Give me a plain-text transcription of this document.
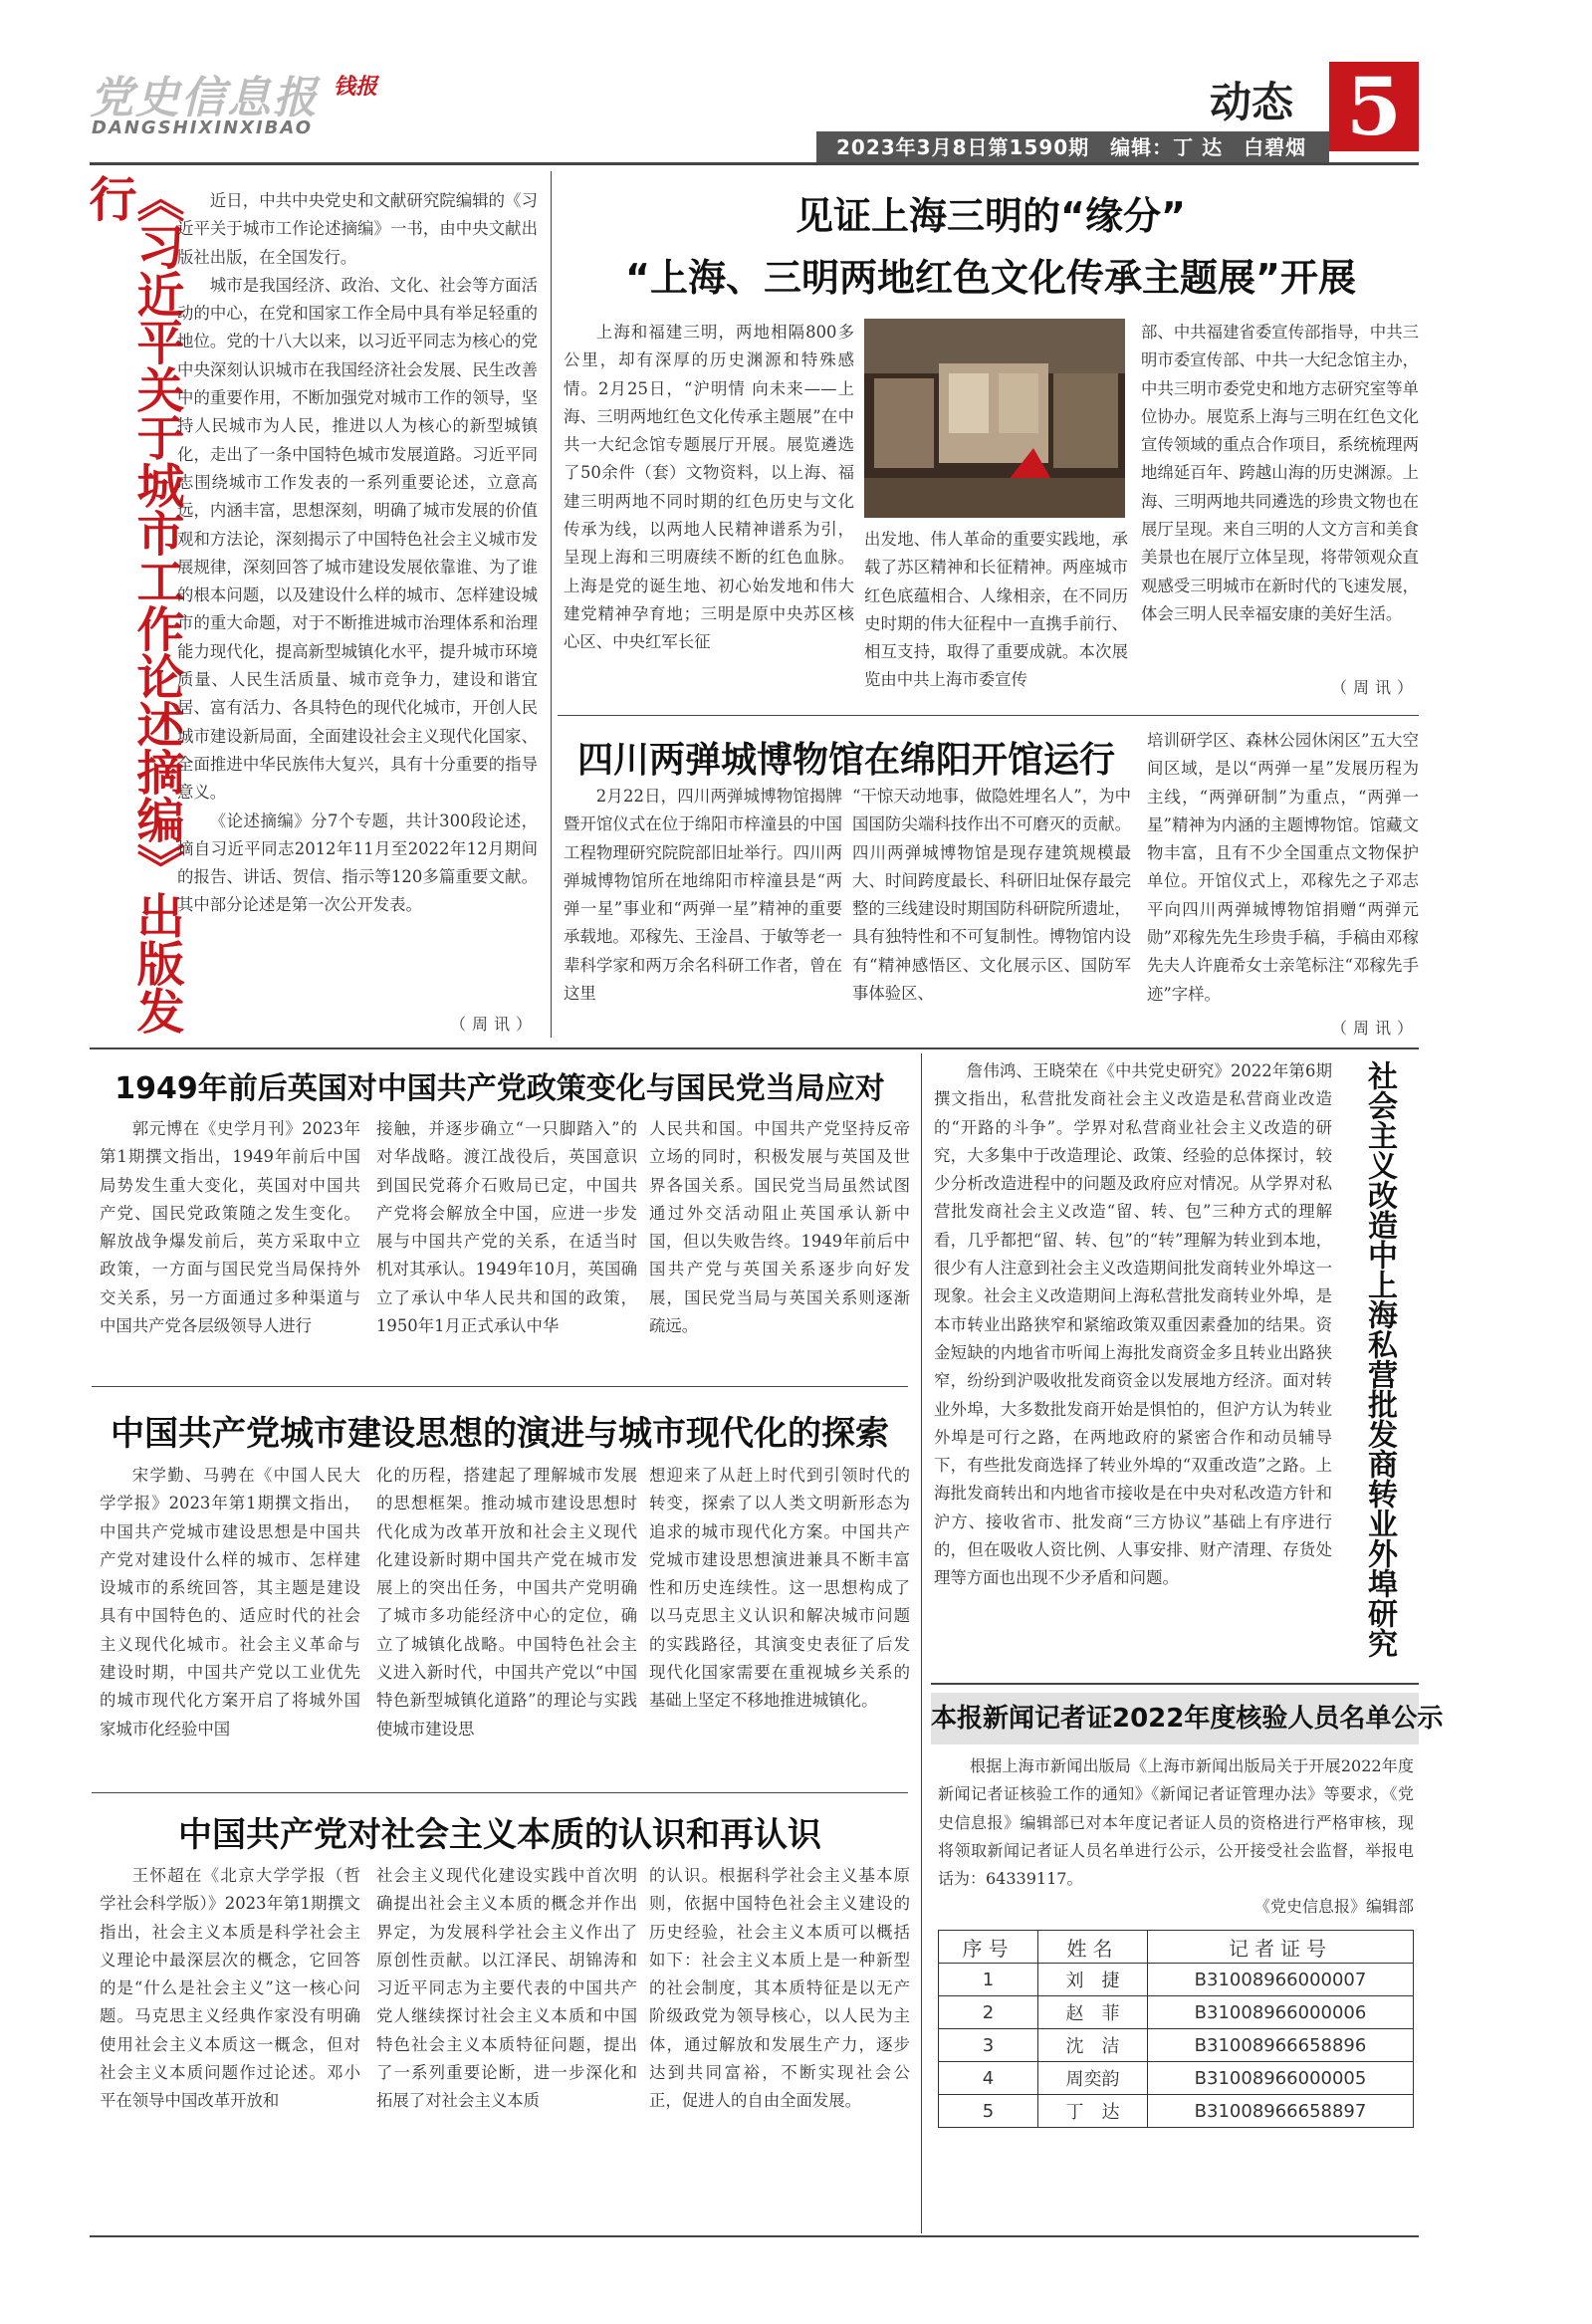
党史信息报 钱报
DANGSHIXINXIBAO
动态 5
2023年3月8日第1590期　编辑：丁 达　白碧烟
《习近平关于城市工作论述摘编》出版发行	近日，中共中央党史和文献研究院编辑的《习近平关于城市工作论述摘编》一书，由中央文献出版社出版，在全国发行。

城市是我国经济、政治、文化、社会等方面活动的中心，在党和国家工作全局中具有举足轻重的地位。党的十八大以来，以习近平同志为核心的党中央深刻认识城市在我国经济社会发展、民生改善中的重要作用，不断加强党对城市工作的领导，坚持人民城市为人民，推进以人为核心的新型城镇化，走出了一条中国特色城市发展道路。习近平同志围绕城市工作发表的一系列重要论述，立意高远，内涵丰富，思想深刻，明确了城市发展的价值观和方法论，深刻揭示了中国特色社会主义城市发展规律，深刻回答了城市建设发展依靠谁、为了谁的根本问题，以及建设什么样的城市、怎样建设城市的重大命题，对于不断推进城市治理体系和治理能力现代化，提高新型城镇化水平，提升城市环境质量、人民生活质量、城市竞争力，建设和谐宜居、富有活力、各具特色的现代化城市，开创人民城市建设新局面，全面建设社会主义现代化国家、全面推进中华民族伟大复兴，具有十分重要的指导意义。

《论述摘编》分7个专题，共计300段论述，摘自习近平同志2012年11月至2022年12月期间的报告、讲话、贺信、指示等120多篇重要文献。其中部分论述是第一次公开发表。

（周讯）
见证上海三明的“缘分”
“上海、三明两地红色文化传承主题展”开展
上海和福建三明，两地相隔800多公里，却有深厚的历史渊源和特殊感情。2月25日，“沪明情 向未来——上海、三明两地红色文化传承主题展”在中共一大纪念馆专题展厅开展。展览遴选了50余件（套）文物资料，以上海、福建三明两地不同时期的红色历史与文化传承为线，以两地人民精神谱系为引，呈现上海和三明赓续不断的红色血脉。上海是党的诞生地、初心始发地和伟大建党精神孕育地；三明是原中央苏区核心区、中央红军长征
出发地、伟人革命的重要实践地，承载了苏区精神和长征精神。两座城市红色底蕴相合、人缘相亲，在不同历史时期的伟大征程中一直携手前行、相互支持，取得了重要成就。本次展览由中共上海市委宣传
部、中共福建省委宣传部指导，中共三明市委宣传部、中共一大纪念馆主办，中共三明市委党史和地方志研究室等单位协办。展览系上海与三明在红色文化宣传领域的重点合作项目，系统梳理两地绵延百年、跨越山海的历史渊源。上海、三明两地共同遴选的珍贵文物也在展厅呈现。来自三明的人文方言和美食美景也在展厅立体呈现，将带领观众直观感受三明城市在新时代的飞速发展，体会三明人民幸福安康的美好生活。
（周讯）
四川两弹城博物馆在绵阳开馆运行
2月22日，四川两弹城博物馆揭牌暨开馆仪式在位于绵阳市梓潼县的中国工程物理研究院院部旧址举行。四川两弹城博物馆所在地绵阳市梓潼县是“两弹一星”事业和“两弹一星”精神的重要承载地。邓稼先、王淦昌、于敏等老一辈科学家和两万余名科研工作者，曾在这里
“干惊天动地事，做隐姓埋名人”，为中国国防尖端科技作出不可磨灭的贡献。四川两弹城博物馆是现存建筑规模最大、时间跨度最长、科研旧址保存最完整的三线建设时期国防科研院所遗址，具有独特性和不可复制性。博物馆内设有“精神感悟区、文化展示区、国防军事体验区、
培训研学区、森林公园休闲区”五大空间区域，是以“两弹一星”发展历程为主线，“两弹研制”为重点，“两弹一星”精神为内涵的主题博物馆。馆藏文物丰富，且有不少全国重点文物保护单位。开馆仪式上，邓稼先之子邓志平向四川两弹城博物馆捐赠“两弹元勋”邓稼先先生珍贵手稿，手稿由邓稼先夫人许鹿希女士亲笔标注“邓稼先手迹”字样。
（周讯）
1949年前后英国对中国共产党政策变化与国民党当局应对
郭元博在《史学月刊》2023年第1期撰文指出，1949年前后中国局势发生重大变化，英国对中国共产党、国民党政策随之发生变化。解放战争爆发前后，英方采取中立政策，一方面与国民党当局保持外交关系，另一方面通过多种渠道与中国共产党各层级领导人进行
接触，并逐步确立“一只脚踏入”的对华战略。渡江战役后，英国意识到国民党蒋介石败局已定，中国共产党将会解放全中国，应进一步发展与中国共产党的关系，在适当时机对其承认。1949年10月，英国确立了承认中华人民共和国的政策，1950年1月正式承认中华
人民共和国。中国共产党坚持反帝立场的同时，积极发展与英国及世界各国关系。国民党当局虽然试图通过外交活动阻止英国承认新中国，但以失败告终。1949年前后中国共产党与英国关系逐步向好发展，国民党当局与英国关系则逐渐疏远。
中国共产党城市建设思想的演进与城市现代化的探索
宋学勤、马骋在《中国人民大学学报》2023年第1期撰文指出，中国共产党城市建设思想是中国共产党对建设什么样的城市、怎样建设城市的系统回答，其主题是建设具有中国特色的、适应时代的社会主义现代化城市。社会主义革命与建设时期，中国共产党以工业优先的城市现代化方案开启了将城外国家城市化经验中国
化的历程，搭建起了理解城市发展的思想框架。推动城市建设思想时代化成为改革开放和社会主义现代化建设新时期中国共产党在城市发展上的突出任务，中国共产党明确了城市多功能经济中心的定位，确立了城镇化战略。中国特色社会主义进入新时代，中国共产党以“中国特色新型城镇化道路”的理论与实践使城市建设思
想迎来了从赶上时代到引领时代的转变，探索了以人类文明新形态为追求的城市现代化方案。中国共产党城市建设思想演进兼具不断丰富性和历史连续性。这一思想构成了以马克思主义认识和解决城市问题的实践路径，其演变史表征了后发现代化国家需要在重视城乡关系的基础上坚定不移地推进城镇化。
中国共产党对社会主义本质的认识和再认识
王怀超在《北京大学学报（哲学社会科学版）》2023年第1期撰文指出，社会主义本质是科学社会主义理论中最深层次的概念，它回答的是“什么是社会主义”这一核心问题。马克思主义经典作家没有明确使用社会主义本质这一概念，但对社会主义本质问题作过论述。邓小平在领导中国改革开放和
社会主义现代化建设实践中首次明确提出社会主义本质的概念并作出界定，为发展科学社会主义作出了原创性贡献。以江泽民、胡锦涛和习近平同志为主要代表的中国共产党人继续探讨社会主义本质和中国特色社会主义本质特征问题，提出了一系列重要论断，进一步深化和拓展了对社会主义本质
的认识。根据科学社会主义基本原则，依据中国特色社会主义建设的历史经验，社会主义本质可以概括如下：社会主义本质上是一种新型的社会制度，其本质特征是以无产阶级政党为领导核心，以人民为主体，通过解放和发展生产力，逐步达到共同富裕，不断实现社会公正，促进人的自由全面发展。
詹伟鸿、王晓荣在《中共党史研究》2022年第6期撰文指出，私营批发商社会主义改造是私营商业改造的“开路的斗争”。学界对私营商业社会主义改造的研究，大多集中于改造理论、政策、经验的总体探讨，较少分析改造进程中的问题及政府应对情况。从学界对私营批发商社会主义改造“留、转、包”三种方式的理解看，几乎都把“留、转、包”的“转”理解为转业到本地，很少有人注意到社会主义改造期间批发商转业外埠这一现象。社会主义改造期间上海私营批发商转业外埠，是本市转业出路狭窄和紧缩政策双重因素叠加的结果。资金短缺的内地省市听闻上海批发商资金多且转业出路狭窄，纷纷到沪吸收批发商资金以发展地方经济。面对转业外埠，大多数批发商开始是惧怕的，但沪方认为转业外埠是可行之路，在两地政府的紧密合作和动员辅导下，有些批发商选择了转业外埠的“双重改造”之路。上海批发商转出和内地省市接收是在中央对私改造方针和沪方、接收省市、批发商“三方协议”基础上有序进行的，但在吸收人资比例、人事安排、财产清理、存货处理等方面也出现不少矛盾和问题。	社会主义改造中上海私营批发商转业外埠研究
本报新闻记者证2022年度核验人员名单公示
根据上海市新闻出版局《上海市新闻出版局关于开展2022年度新闻记者证核验工作的通知》《新闻记者证管理办法》等要求，《党史信息报》编辑部已对本年度记者证人员的资格进行严格审核，现将领取新闻记者证人员名单进行公示，公开接受社会监督，举报电话为：64339117。
《党史信息报》编辑部
序号	姓名	记者证号
1	刘　捷	B31008966000007
2	赵　菲	B31008966000006
3	沈　洁	B31008966658896
4	周奕韵	B31008966000005
5	丁　达	B31008966658897
